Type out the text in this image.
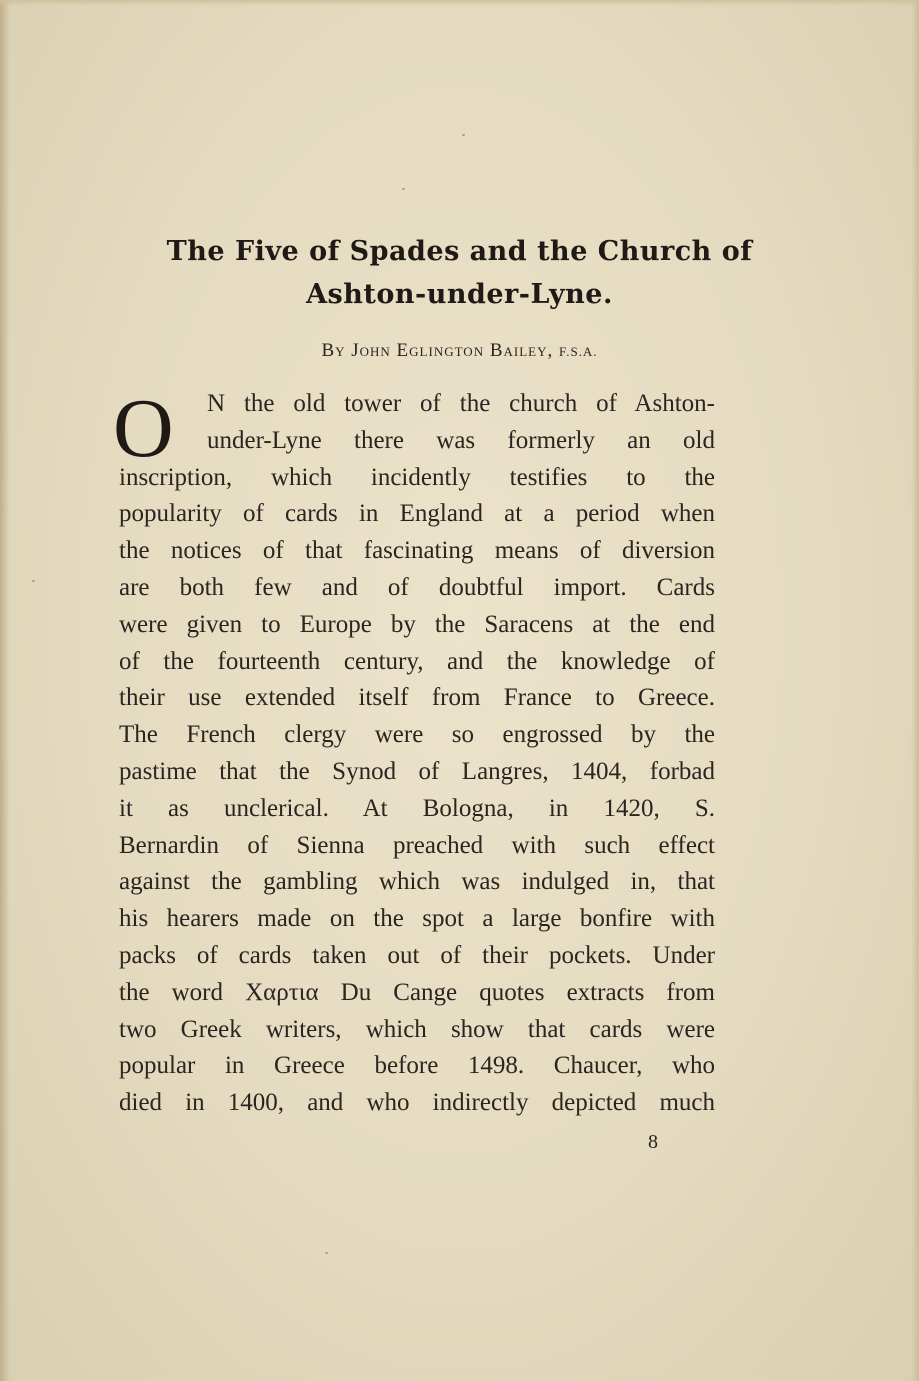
The Five of Spades and the Church of
Ashton-under-Lyne.
By John Eglington Bailey, F.S.A.
O	N the old tower of the church of Ashton-
under-Lyne there was formerly an old
inscription, which incidently testifies to the
popularity of cards in England at a period when
the notices of that fascinating means of diversion
are both few and of doubtful import. Cards
were given to Europe by the Saracens at the end
of the fourteenth century, and the knowledge of
their use extended itself from France to Greece.
The French clergy were so engrossed by the
pastime that the Synod of Langres, 1404, forbad
it as unclerical. At Bologna, in 1420, S.
Bernardin of Sienna preached with such effect
against the gambling which was indulged in, that
his hearers made on the spot a large bonfire with
packs of cards taken out of their pockets. Under
the word Χαρτια Du Cange quotes extracts from
two Greek writers, which show that cards were
popular in Greece before 1498. Chaucer, who
died in 1400, and who indirectly depicted much
8
